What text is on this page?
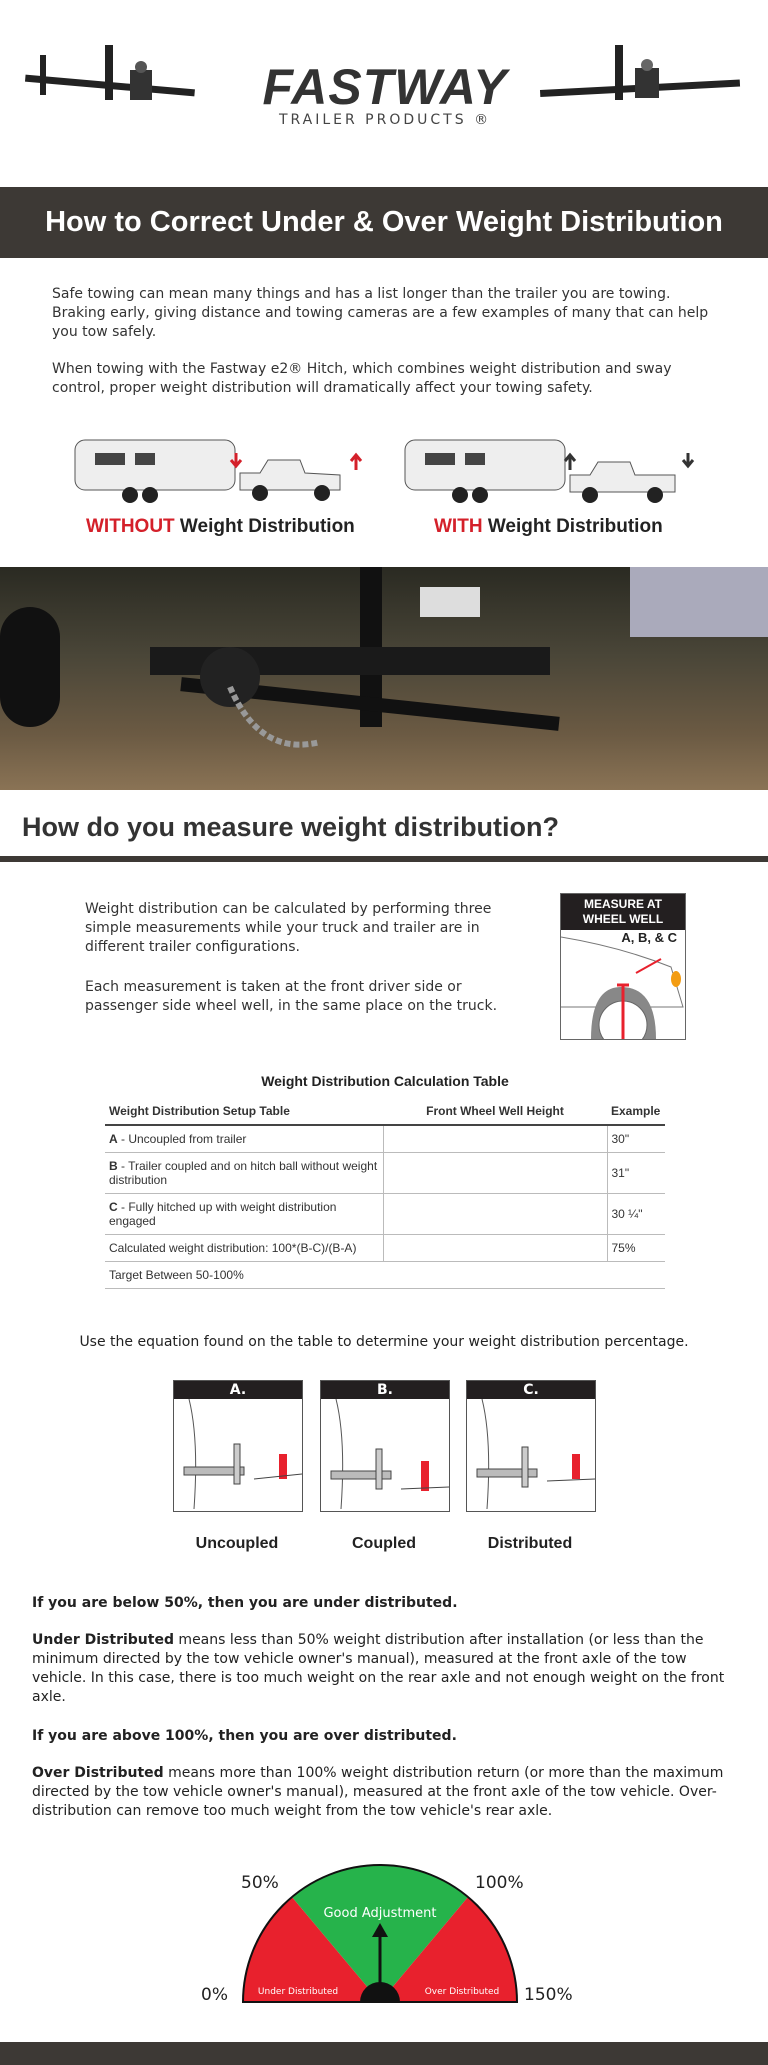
FASTWAY
TRAILER PRODUCTS ®
How to Correct Under & Over Weight Distribution

Safe towing can mean many things and has a list longer than the trailer you are towing. Braking early, giving distance and towing cameras are a few examples of many that can help you tow safely.

When towing with the Fastway e2® Hitch, which combines weight distribution and sway control, proper weight distribution will dramatically affect your towing safety.

WITHOUT Weight Distribution	WITH Weight Distribution
How do you measure weight distribution?

Weight distribution can be calculated by performing three simple measurements while your truck and trailer are in different trailer configurations.

Each measurement is taken at the front driver side or passenger side wheel well, in the same place on the truck.

MEASURE AT WHEEL WELL
A, B, & C
Weight Distribution Calculation Table
Weight Distribution Setup Table	Front Wheel Well Height	Example
A - Uncoupled from trailer		30"
B - Trailer coupled and on hitch ball without weight distribution		31"
C - Fully hitched up with weight distribution engaged		30 ¼"
Calculated weight distribution: 100*(B-C)/(B-A)		75%
Target Between 50-100%		
Use the equation found on the table to determine your weight distribution percentage.
A.	B.	C.
Uncoupled	Coupled	Distributed

If you are below 50%, then you are under distributed.

Under Distributed means less than 50% weight distribution after installation (or less than the minimum directed by the tow vehicle owner's manual), measured at the front axle of the tow vehicle. In this case, there is too much weight on the rear axle and not enough weight on the front axle.

If you are above 100%, then you are over distributed.

Over Distributed means more than 100% weight distribution return (or more than the maximum directed by the tow vehicle owner's manual), measured at the front axle of the tow vehicle. Over-distribution can remove too much weight from the tow vehicle's rear axle.

Good Adjustment
Under Distributed	Over Distributed
0%
50%	100%
150%
